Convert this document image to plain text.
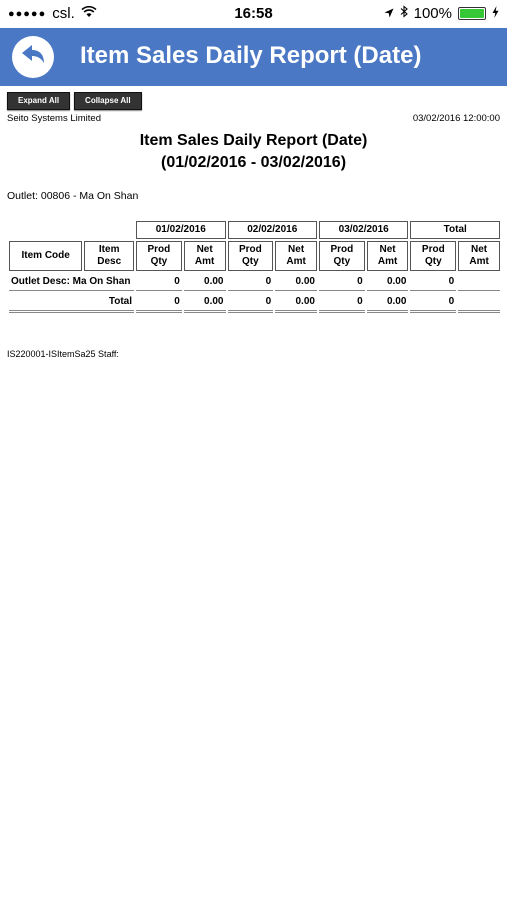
●●●●● csl.	16:58	100%
Item Sales Daily Report (Date)
Expand All	Collapse All
Seito Systems Limited	03/02/2016 12:00:00
Item Sales Daily Report (Date)
(01/02/2016 - 03/02/2016)
Outlet: 00806 - Ma On Shan
		01/02/2016		02/02/2016		03/02/2016		Total	
Item Code	Item Desc	Prod Qty	Net Amt	Prod Qty	Net Amt	Prod Qty	Net Amt	Prod Qty	Net Amt
Outlet Desc: Ma On Shan		0	0.00	0	0.00	0	0.00	0	
Total		0	0.00	0	0.00	0	0.00	0	
IS220001-ISItemSa25 Staff:
